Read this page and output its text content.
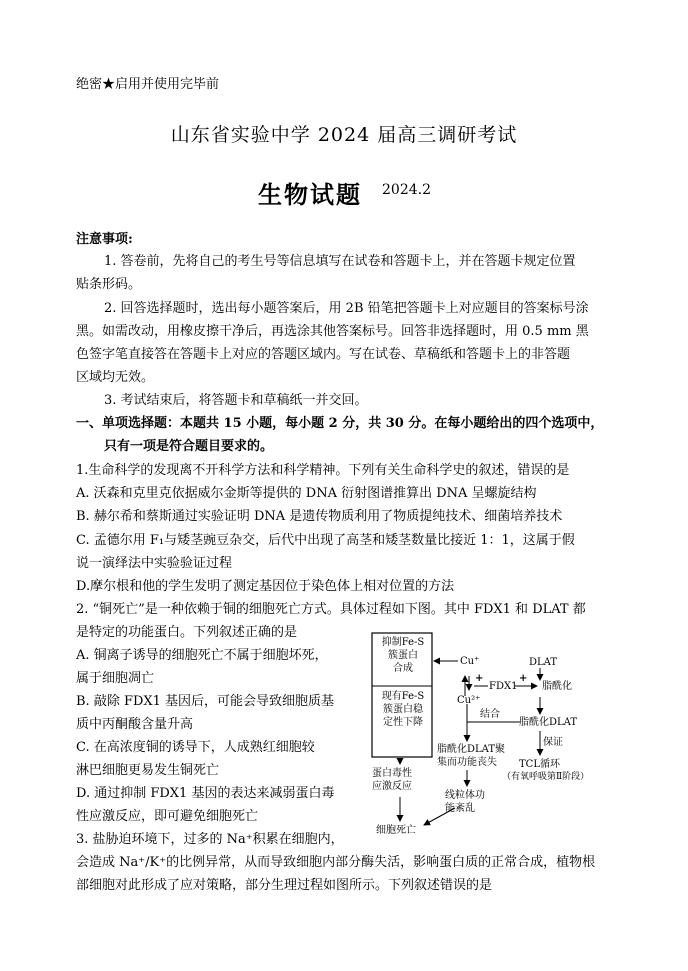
绝密★启用并使用完毕前
山东省实验中学 2024 届高三调研考试
生物试题 2024.2
注意事项:
1. 答卷前，先将自己的考生号等信息填写在试卷和答题卡上，并在答题卡规定位置
贴条形码。
2. 回答选择题时，选出每小题答案后，用 2B 铅笔把答题卡上对应题目的答案标号涂
黑。如需改动，用橡皮擦干净后，再选涂其他答案标号。回答非选择题时，用 0.5 mm 黑
色签字笔直接答在答题卡上对应的答题区域内。写在试卷、草稿纸和答题卡上的非答题
区域均无效。
3. 考试结束后，将答题卡和草稿纸一并交回。
一、单项选择题：本题共 15 小题，每小题 2 分，共 30 分。在每小题给出的四个选项中，
只有一项是符合题目要求的。
1.生命科学的发现离不开科学方法和科学精神。下列有关生命科学史的叙述，错误的是
A. 沃森和克里克依据威尔金斯等提供的 DNA 衍射图谱推算出 DNA 呈螺旋结构
B. 赫尔希和蔡斯通过实验证明 DNA 是遗传物质利用了物质提纯技术、细菌培养技术
C. 孟德尔用 F₁与矮茎豌豆杂交，后代中出现了高茎和矮茎数量比接近 1：1，这属于假
说一演绎法中实验验证过程
D.摩尔根和他的学生发明了测定基因位于染色体上相对位置的方法
2. “铜死亡”是一种依赖于铜的细胞死亡方式。具体过程如下图。其中 FDX1 和 DLAT 都
是特定的功能蛋白。下列叙述正确的是
A. 铜离子诱导的细胞死亡不属于细胞坏死，
属于细胞凋亡
B. 敲除 FDX1 基因后，可能会导致细胞质基
质中丙酮酸含量升高
C. 在高浓度铜的诱导下，人成熟红细胞较
淋巴细胞更易发生铜死亡
D. 通过抑制 FDX1 基因的表达来减弱蛋白毒
性应激反应，即可避免细胞死亡
3. 盐胁迫环境下，过多的 Na⁺积累在细胞内，
会造成 Na⁺/K⁺的比例异常，从而导致细胞内部分酶失活，影响蛋白质的正常合成，植物根
部细胞对此形成了应对策略，部分生理过程如图所示。下列叙述错误的是
抑制Fe-S
簇蛋白
合成
现有Fe-S
簇蛋白稳
定性下降
Cu⁺
Cu²⁺
+
FDX1
+
DLAT
脂酰化
脂酰化DLAT
结合
保证
脂酰化DLAT聚
集而功能丧失	TCL循环
（有氧呼吸第Ⅱ阶段）
蛋白毒性
应激反应
线粒体功
能紊乱
细胞死亡
